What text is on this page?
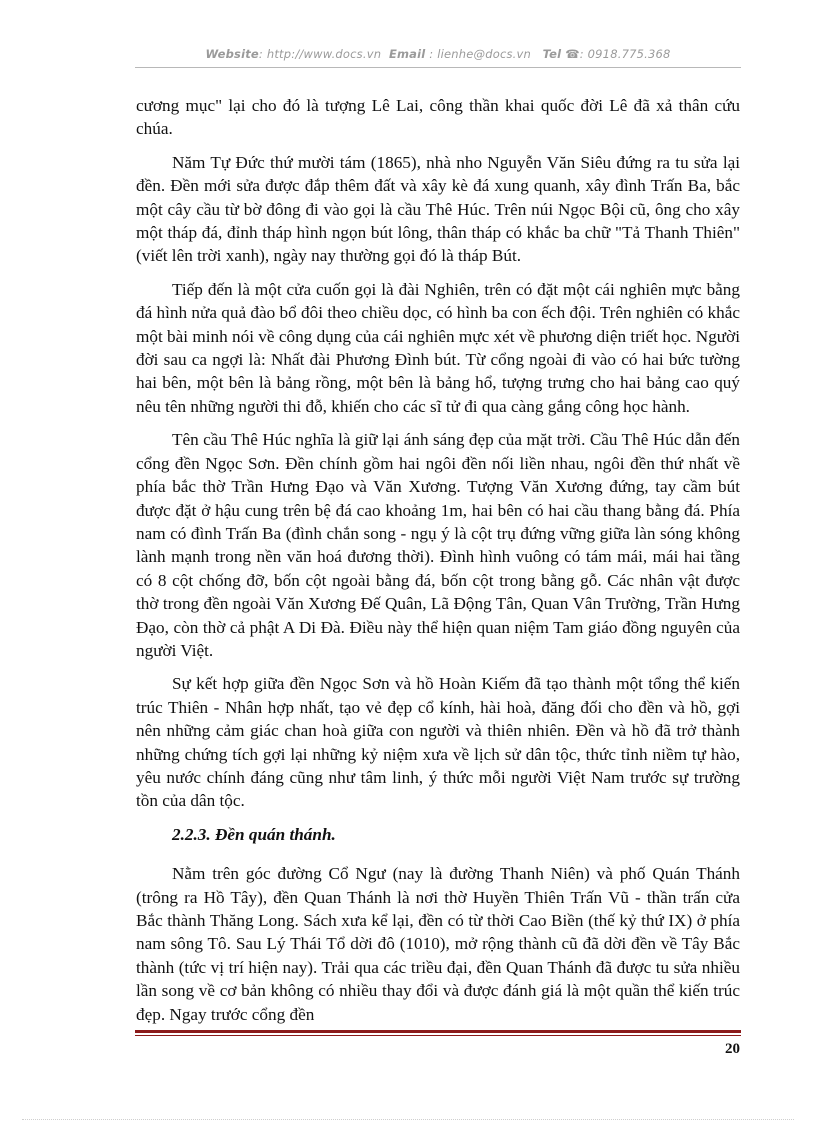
Website: http://www.docs.vn Email : lienhe@docs.vn Tel ☎: 0918.775.368

cương mục" lại cho đó là tượng Lê Lai, công thần khai quốc đời Lê đã xả thân cứu chúa.

Năm Tự Đức thứ mười tám (1865), nhà nho Nguyễn Văn Siêu đứng ra tu sửa lại đền. Đền mới sửa được đắp thêm đất và xây kè đá xung quanh, xây đình Trấn Ba, bắc một cây cầu từ bờ đông đi vào gọi là cầu Thê Húc. Trên núi Ngọc Bội cũ, ông cho xây một tháp đá, đỉnh tháp hình ngọn bút lông, thân tháp có khắc ba chữ "Tả Thanh Thiên" (viết lên trời xanh), ngày nay thường gọi đó là tháp Bút.

Tiếp đến là một cửa cuốn gọi là đài Nghiên, trên có đặt một cái nghiên mực bằng đá hình nửa quả đào bổ đôi theo chiều dọc, có hình ba con ếch đội. Trên nghiên có khắc một bài minh nói về công dụng của cái nghiên mực xét về phương diện triết học. Người đời sau ca ngợi là: Nhất đài Phương Đình bút. Từ cổng ngoài đi vào có hai bức tường hai bên, một bên là bảng rồng, một bên là bảng hổ, tượng trưng cho hai bảng cao quý nêu tên những người thi đỗ, khiến cho các sĩ tử đi qua càng gắng công học hành.

Tên cầu Thê Húc nghĩa là giữ lại ánh sáng đẹp của mặt trời. Cầu Thê Húc dẫn đến cổng đền Ngọc Sơn. Đền chính gồm hai ngôi đền nối liền nhau, ngôi đền thứ nhất về phía bắc thờ Trần Hưng Đạo và Văn Xương. Tượng Văn Xương đứng, tay cầm bút được đặt ở hậu cung trên bệ đá cao khoảng 1m, hai bên có hai cầu thang bằng đá. Phía nam có đình Trấn Ba (đình chắn song - ngụ ý là cột trụ đứng vững giữa làn sóng không lành mạnh trong nền văn hoá đương thời). Đình hình vuông có tám mái, mái hai tầng có 8 cột chống đỡ, bốn cột ngoài bằng đá, bốn cột trong bằng gỗ. Các nhân vật được thờ trong đền ngoài Văn Xương Đế Quân, Lã Động Tân, Quan Vân Trường, Trần Hưng Đạo, còn thờ cả phật A Di Đà. Điều này thể hiện quan niệm Tam giáo đồng nguyên của người Việt.

Sự kết hợp giữa đền Ngọc Sơn và hồ Hoàn Kiếm đã tạo thành một tổng thể kiến trúc Thiên - Nhân hợp nhất, tạo vẻ đẹp cổ kính, hài hoà, đăng đối cho đền và hồ, gợi nên những cảm giác chan hoà giữa con người và thiên nhiên. Đền và hồ đã trở thành những chứng tích gợi lại những kỷ niệm xưa về lịch sử dân tộc, thức tỉnh niềm tự hào, yêu nước chính đáng cũng như tâm linh, ý thức mỗi người Việt Nam trước sự trường tồn của dân tộc.

2.2.3. Đền quán thánh.

Nằm trên góc đường Cổ Ngư (nay là đường Thanh Niên) và phố Quán Thánh (trông ra Hồ Tây), đền Quan Thánh là nơi thờ Huyền Thiên Trấn Vũ - thần trấn cửa Bắc thành Thăng Long. Sách xưa kể lại, đền có từ thời Cao Biền (thế kỷ thứ IX) ở phía nam sông Tô. Sau Lý Thái Tổ dời đô (1010), mở rộng thành cũ đã dời đền về Tây Bắc thành (tức vị trí hiện nay). Trải qua các triều đại, đền Quan Thánh đã được tu sửa nhiều lần song về cơ bản không có nhiều thay đổi và được đánh giá là một quần thể kiến trúc đẹp. Ngay trước cổng đền

20
